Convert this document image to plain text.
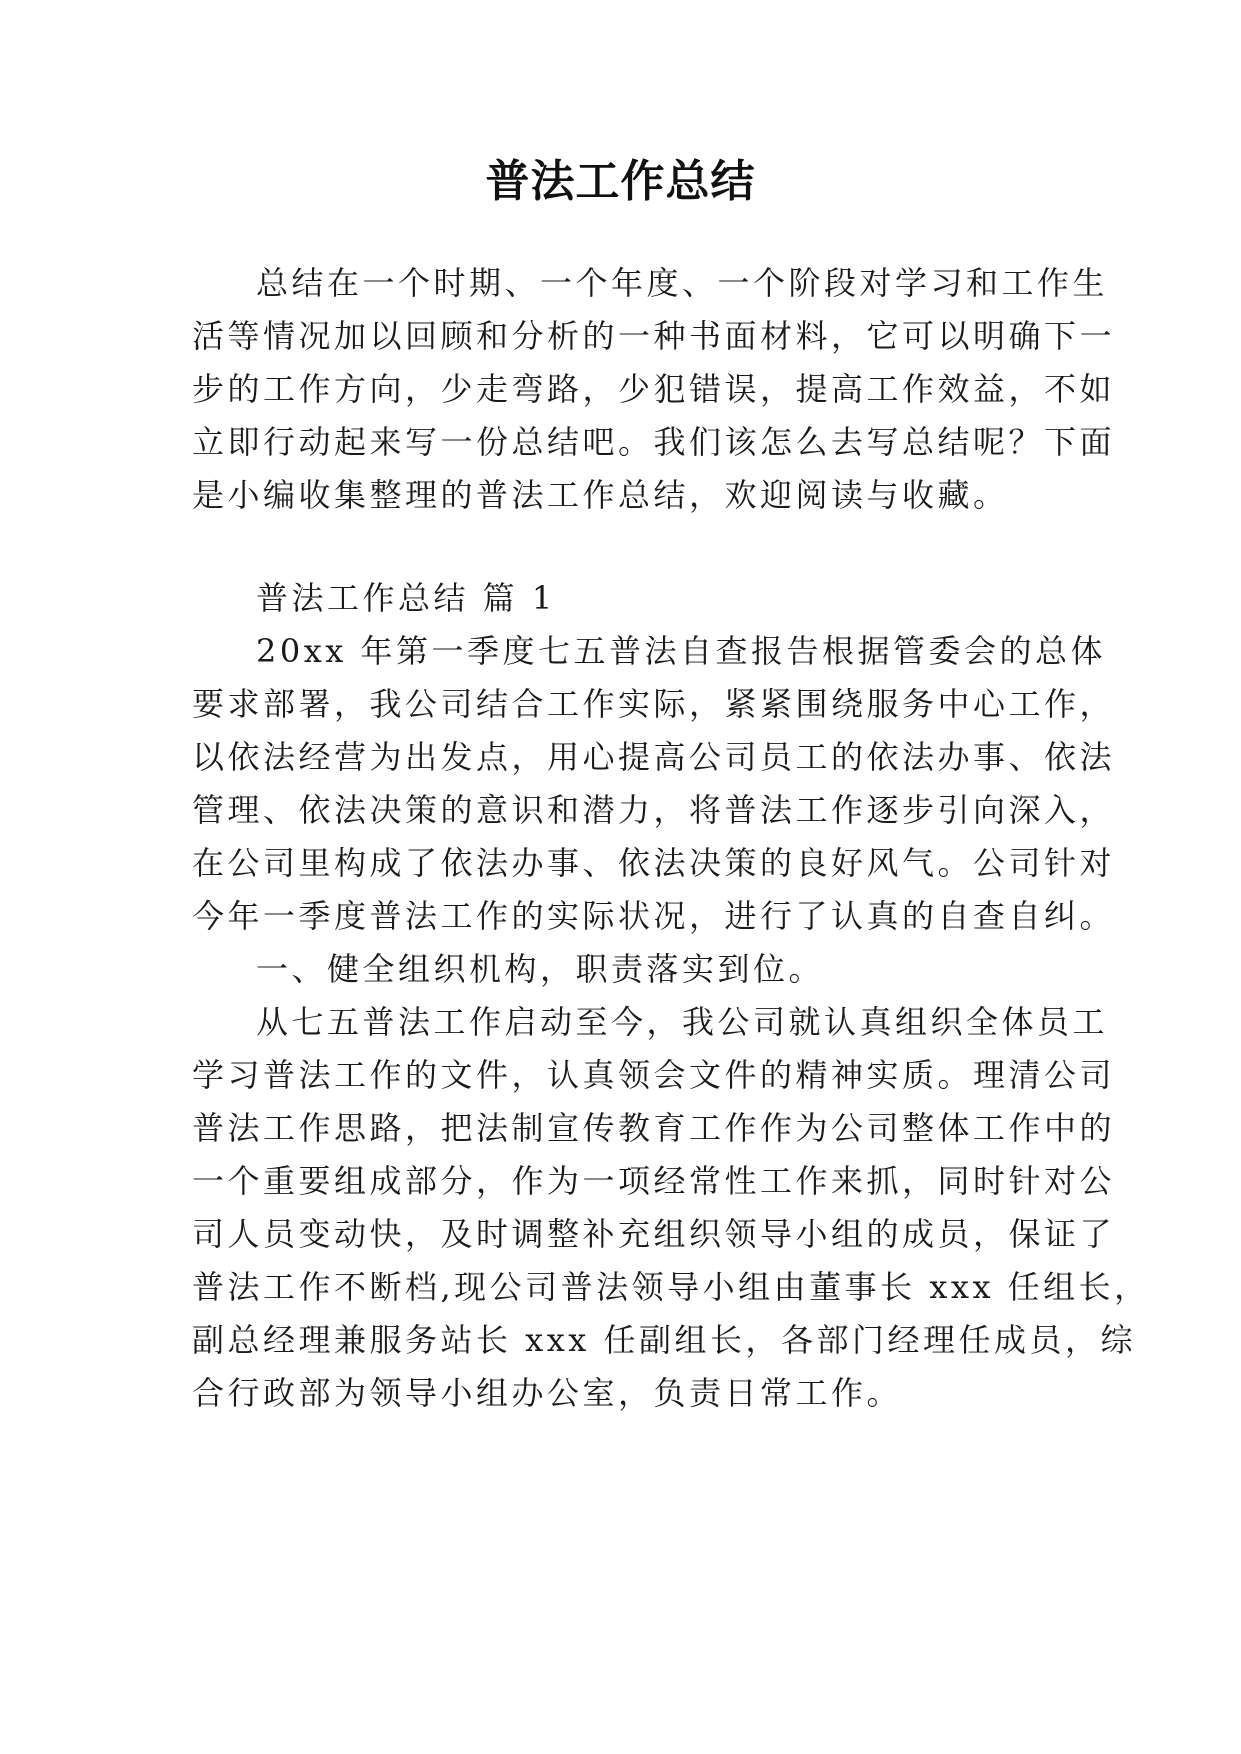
普法工作总结
总结在一个时期、一个年度、一个阶段对学习和工作生
活等情况加以回顾和分析的一种书面材料，它可以明确下一
步的工作方向，少走弯路，少犯错误，提高工作效益，不如
立即行动起来写一份总结吧。我们该怎么去写总结呢？下面
是小编收集整理的普法工作总结，欢迎阅读与收藏。
普法工作总结 篇 1
20xx 年第一季度七五普法自查报告根据管委会的总体
要求部署，我公司结合工作实际，紧紧围绕服务中心工作，
以依法经营为出发点，用心提高公司员工的依法办事、依法
管理、依法决策的意识和潜力，将普法工作逐步引向深入，
在公司里构成了依法办事、依法决策的良好风气。公司针对
今年一季度普法工作的实际状况，进行了认真的自查自纠。
一、健全组织机构，职责落实到位。
从七五普法工作启动至今，我公司就认真组织全体员工
学习普法工作的文件，认真领会文件的精神实质。理清公司
普法工作思路，把法制宣传教育工作作为公司整体工作中的
一个重要组成部分，作为一项经常性工作来抓，同时针对公
司人员变动快，及时调整补充组织领导小组的成员，保证了
普法工作不断档,现公司普法领导小组由董事长 xxx 任组长，
副总经理兼服务站长 xxx 任副组长，各部门经理任成员，综
合行政部为领导小组办公室，负责日常工作。
